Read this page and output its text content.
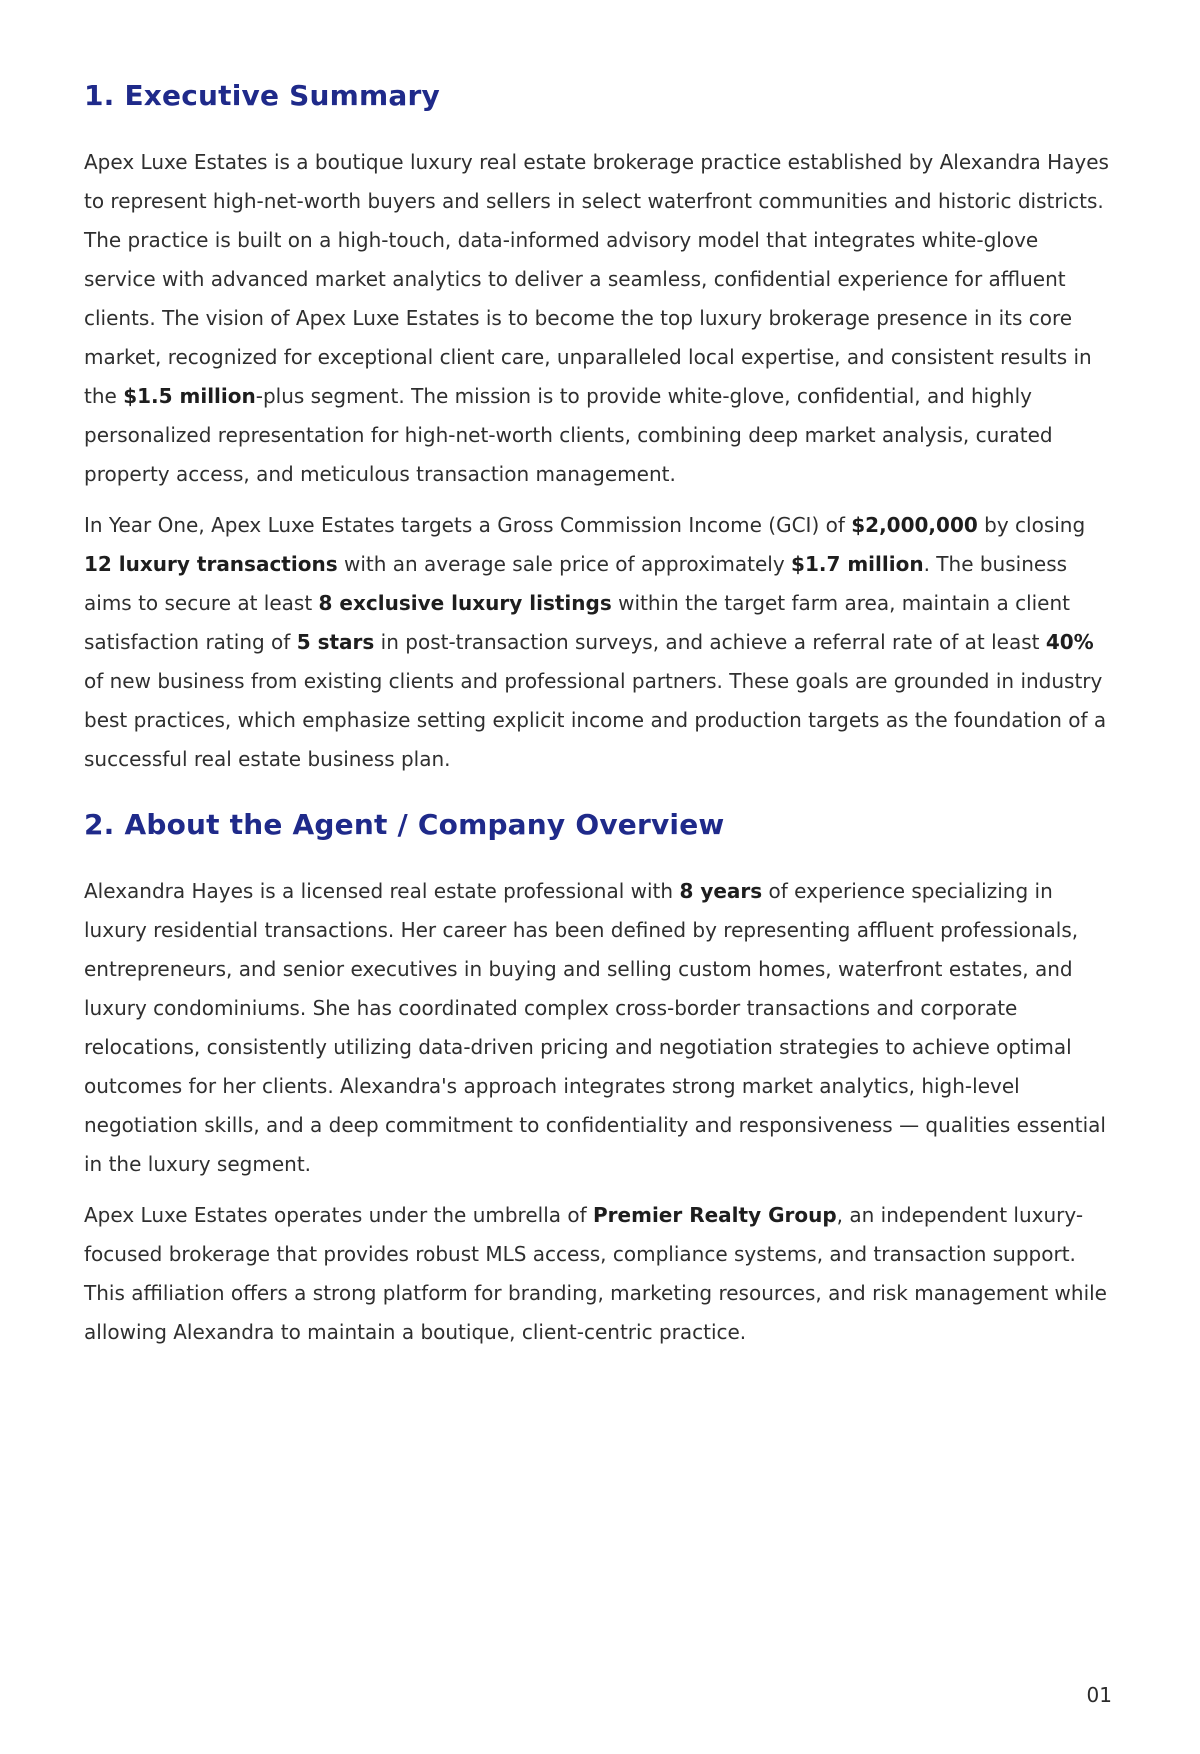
1. Executive Summary

Apex Luxe Estates is a boutique luxury real estate brokerage practice established by Alexandra Hayes to represent high-net-worth buyers and sellers in select waterfront communities and historic districts. The practice is built on a high-touch, data-informed advisory model that integrates white-glove service with advanced market analytics to deliver a seamless, confidential experience for affluent clients. The vision of Apex Luxe Estates is to become the top luxury brokerage presence in its core market, recognized for exceptional client care, unparalleled local expertise, and consistent results in the $1.5 million-plus segment. The mission is to provide white-glove, confidential, and highly personalized representation for high-net-worth clients, combining deep market analysis, curated property access, and meticulous transaction management.

In Year One, Apex Luxe Estates targets a Gross Commission Income (GCI) of $2,000,000 by closing 12 luxury transactions with an average sale price of approximately $1.7 million. The business aims to secure at least 8 exclusive luxury listings within the target farm area, maintain a client satisfaction rating of 5 stars in post-transaction surveys, and achieve a referral rate of at least 40% of new business from existing clients and professional partners. These goals are grounded in industry best practices, which emphasize setting explicit income and production targets as the foundation of a successful real estate business plan.

2. About the Agent / Company Overview

Alexandra Hayes is a licensed real estate professional with 8 years of experience specializing in luxury residential transactions. Her career has been defined by representing affluent professionals, entrepreneurs, and senior executives in buying and selling custom homes, waterfront estates, and luxury condominiums. She has coordinated complex cross-border transactions and corporate relocations, consistently utilizing data-driven pricing and negotiation strategies to achieve optimal outcomes for her clients. Alexandra's approach integrates strong market analytics, high-level negotiation skills, and a deep commitment to confidentiality and responsiveness — qualities essential in the luxury segment.

Apex Luxe Estates operates under the umbrella of Premier Realty Group, an independent luxury-focused brokerage that provides robust MLS access, compliance systems, and transaction support. This affiliation offers a strong platform for branding, marketing resources, and risk management while allowing Alexandra to maintain a boutique, client-centric practice.

01
